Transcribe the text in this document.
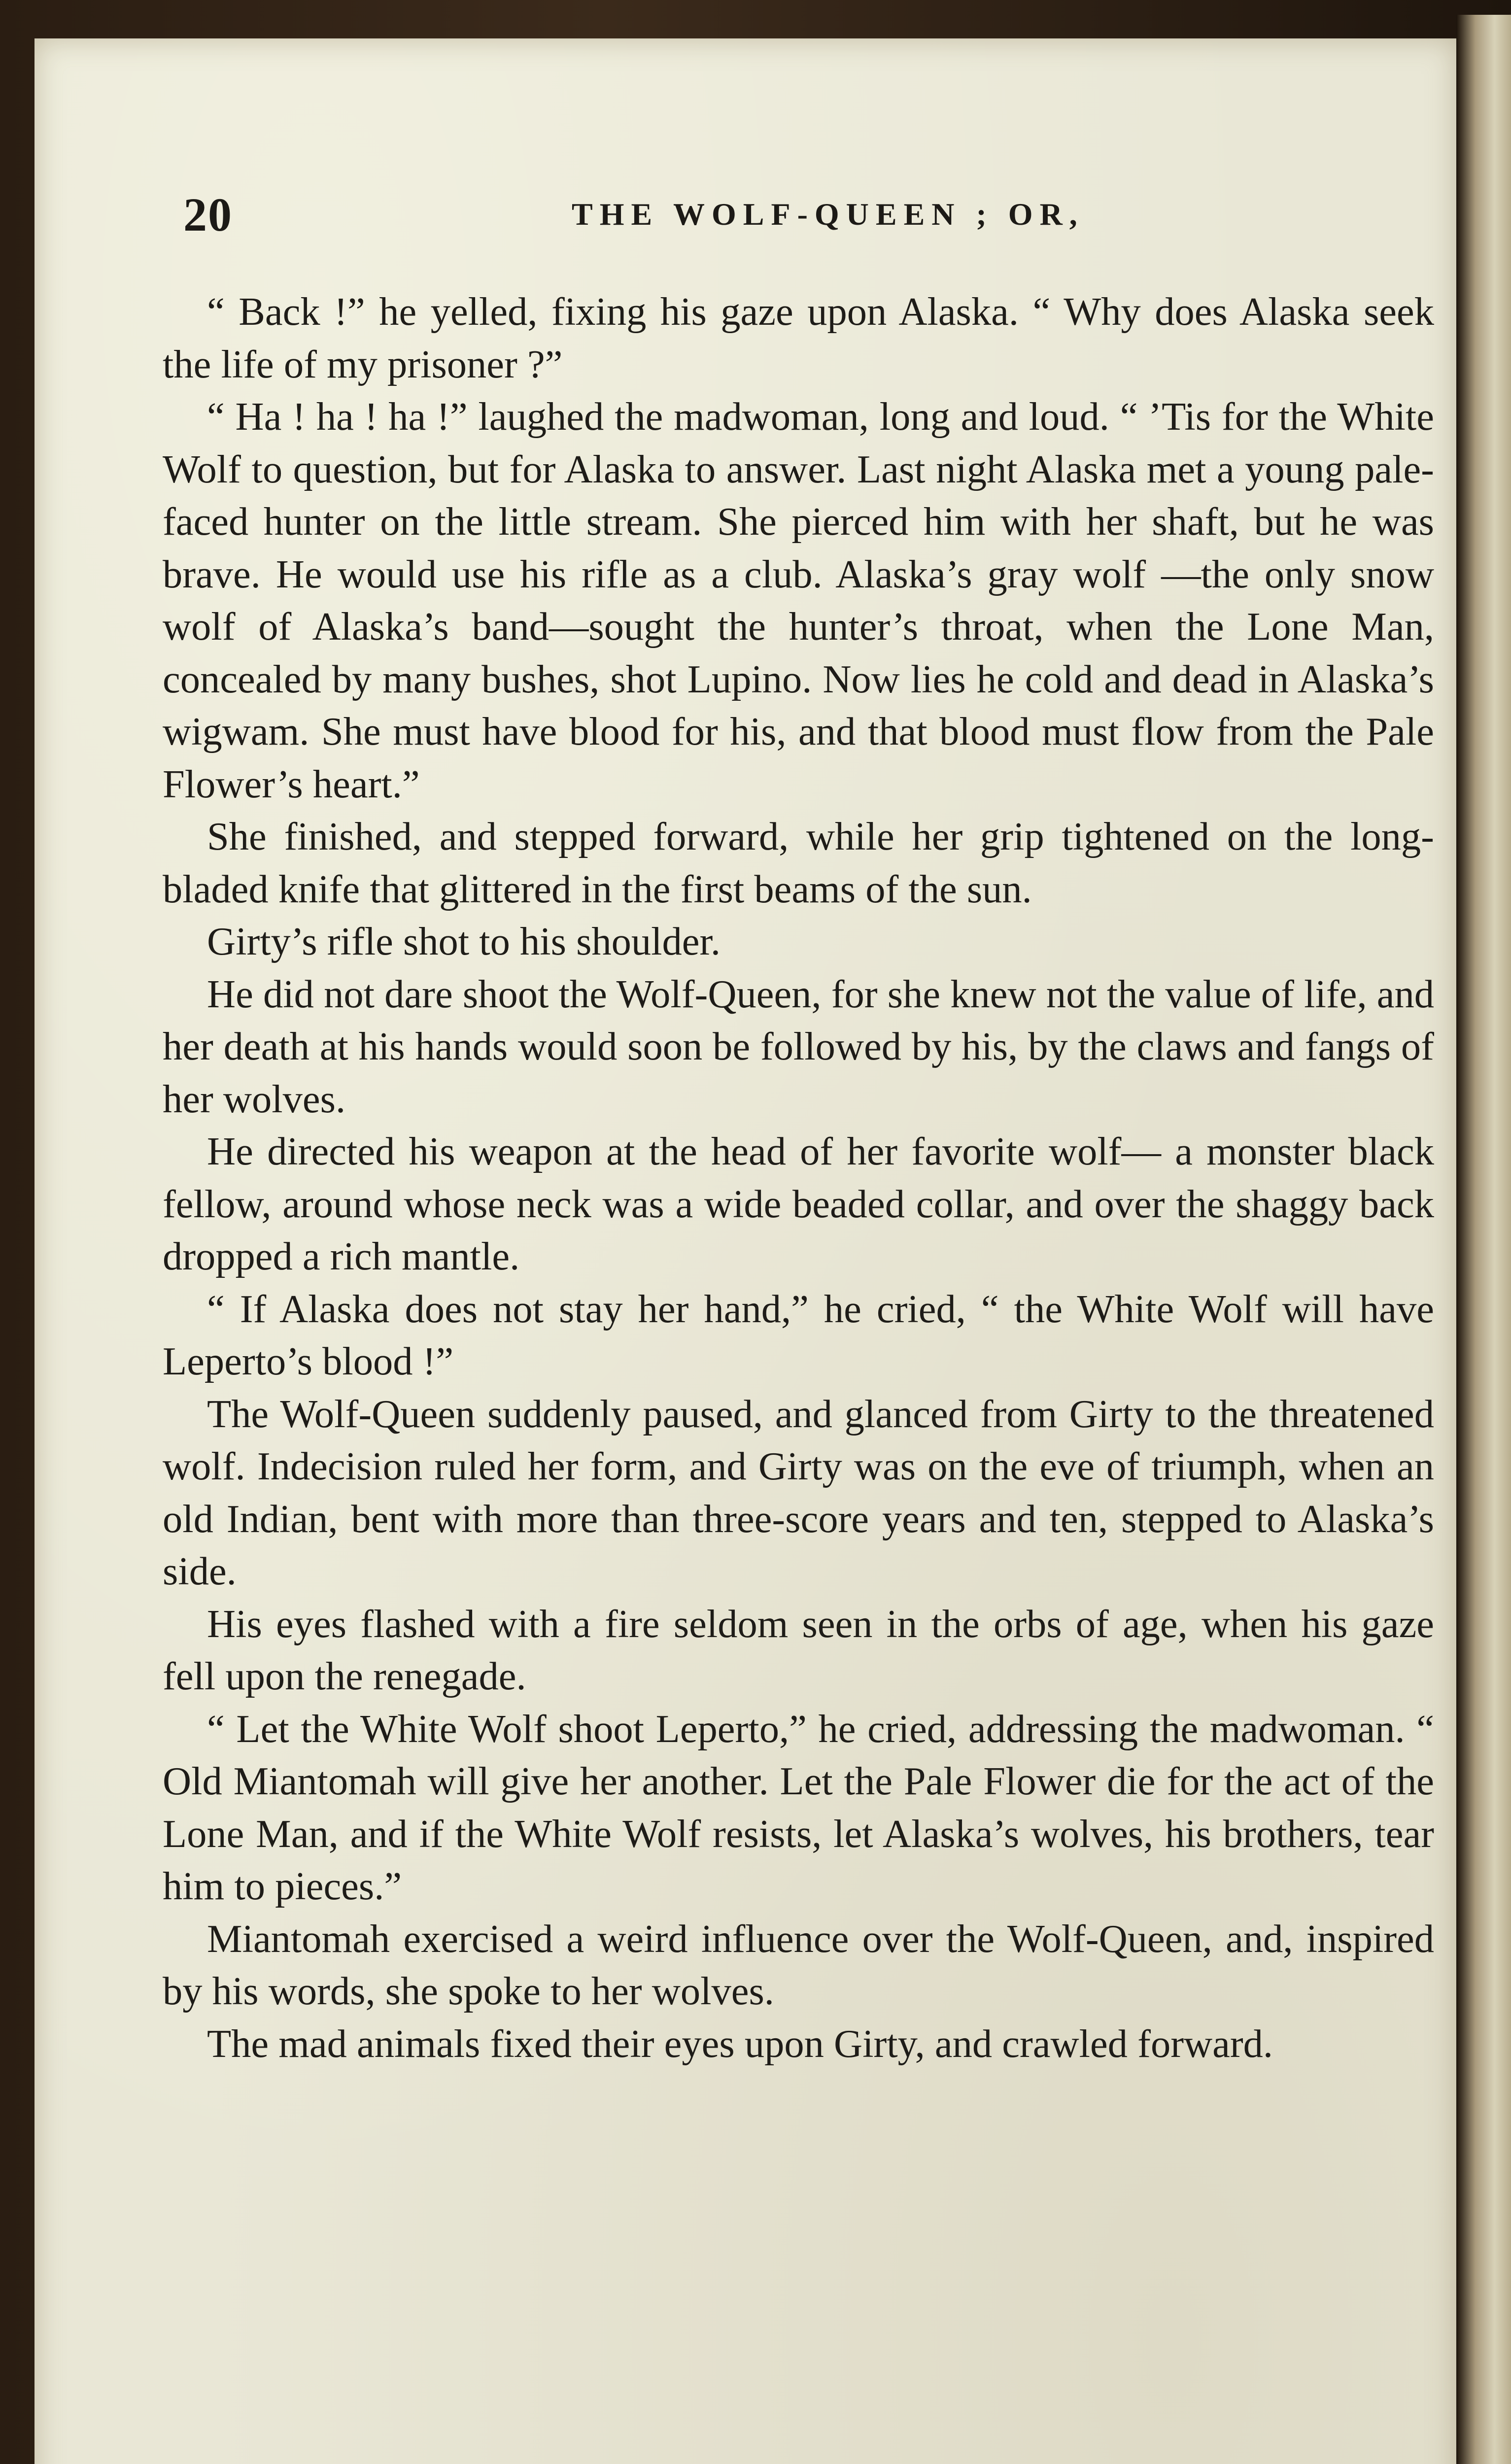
20	THE WOLF-QUEEN ; OR,

“ Back !” he yelled, fixing his gaze upon Alaska. “ Why does Alaska seek the life of my prisoner ?”

“ Ha ! ha ! ha !” laughed the madwoman, long and loud. “ ’Tis for the White Wolf to question, but for Alaska to answer. Last night Alaska met a young pale-faced hunter on the little stream. She pierced him with her shaft, but he was brave. He would use his rifle as a club. Alaska’s gray wolf —the only snow wolf of Alaska’s band—sought the hunter’s throat, when the Lone Man, concealed by many bushes, shot Lupino. Now lies he cold and dead in Alaska’s wigwam. She must have blood for his, and that blood must flow from the Pale Flower’s heart.”

She finished, and stepped forward, while her grip tightened on the long-bladed knife that glittered in the first beams of the sun.

Girty’s rifle shot to his shoulder.

He did not dare shoot the Wolf-Queen, for she knew not the value of life, and her death at his hands would soon be followed by his, by the claws and fangs of her wolves.

He directed his weapon at the head of her favorite wolf— a monster black fellow, around whose neck was a wide beaded collar, and over the shaggy back dropped a rich mantle.

“ If Alaska does not stay her hand,” he cried, “ the White Wolf will have Leperto’s blood !”

The Wolf-Queen suddenly paused, and glanced from Girty to the threatened wolf. Indecision ruled her form, and Girty was on the eve of triumph, when an old Indian, bent with more than three-score years and ten, stepped to Alaska’s side.

His eyes flashed with a fire seldom seen in the orbs of age, when his gaze fell upon the renegade.

“ Let the White Wolf shoot Leperto,” he cried, addressing the madwoman. “ Old Miantomah will give her another. Let the Pale Flower die for the act of the Lone Man, and if the White Wolf resists, let Alaska’s wolves, his brothers, tear him to pieces.”

Miantomah exercised a weird influence over the Wolf-Queen, and, inspired by his words, she spoke to her wolves.

The mad animals fixed their eyes upon Girty, and crawled forward.
